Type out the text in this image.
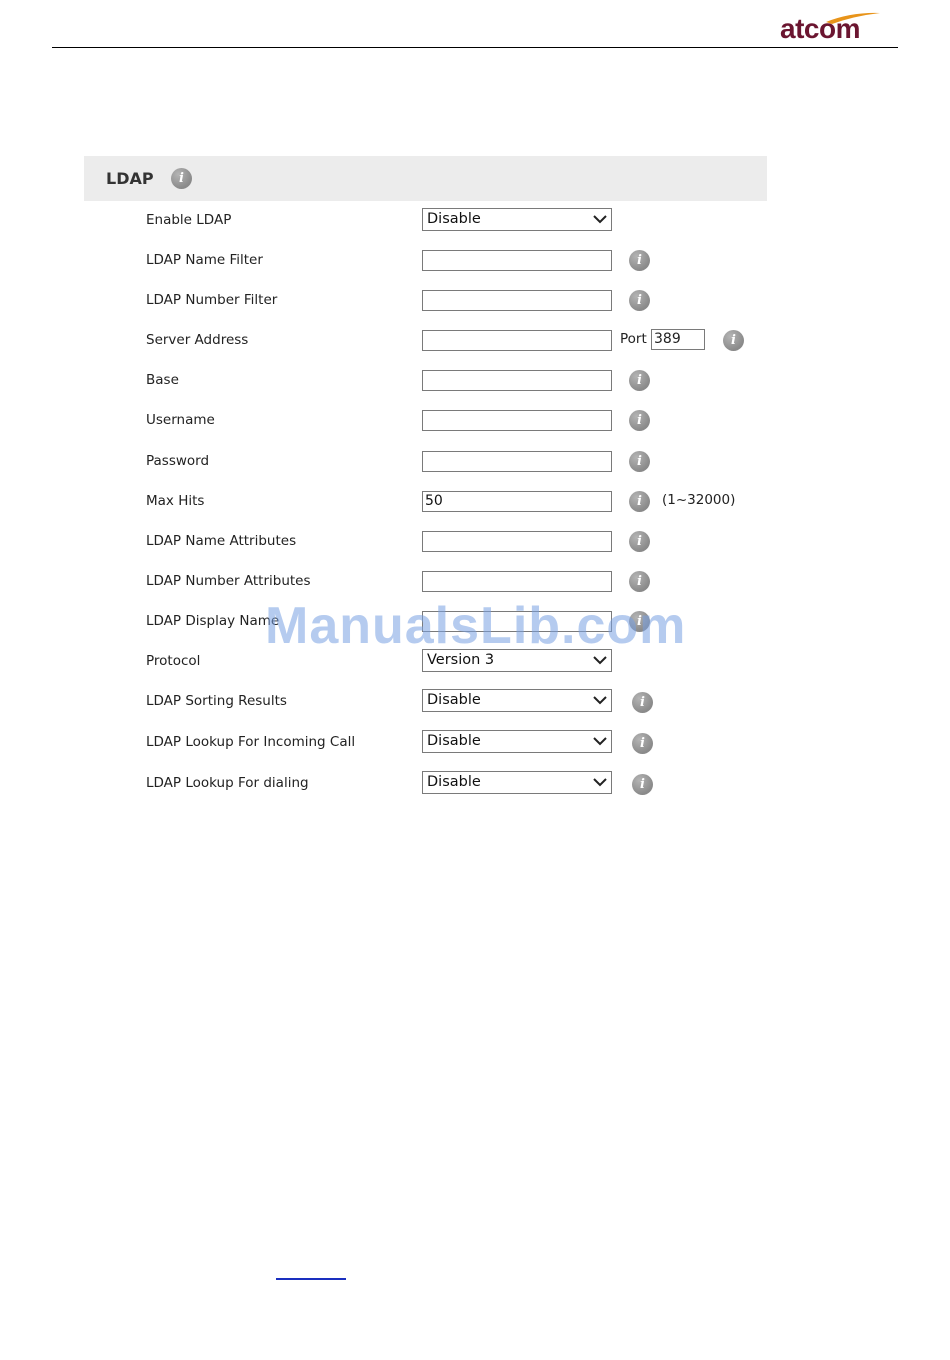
atcom
LDAP
i
Enable LDAP	Disable
LDAP Name Filter
i
LDAP Number Filter
i
Server Address	Port 389
i
Base
i
Username
i
Password
i
Max Hits	50
i	(1~32000)
LDAP Name Attributes
i
LDAP Number Attributes
i
LDAP Display Name
i
Protocol	Version 3
LDAP Sorting Results	Disable
i
LDAP Lookup For Incoming Call	Disable
i
LDAP Lookup For dialing	Disable
i
ManualsLib.com
